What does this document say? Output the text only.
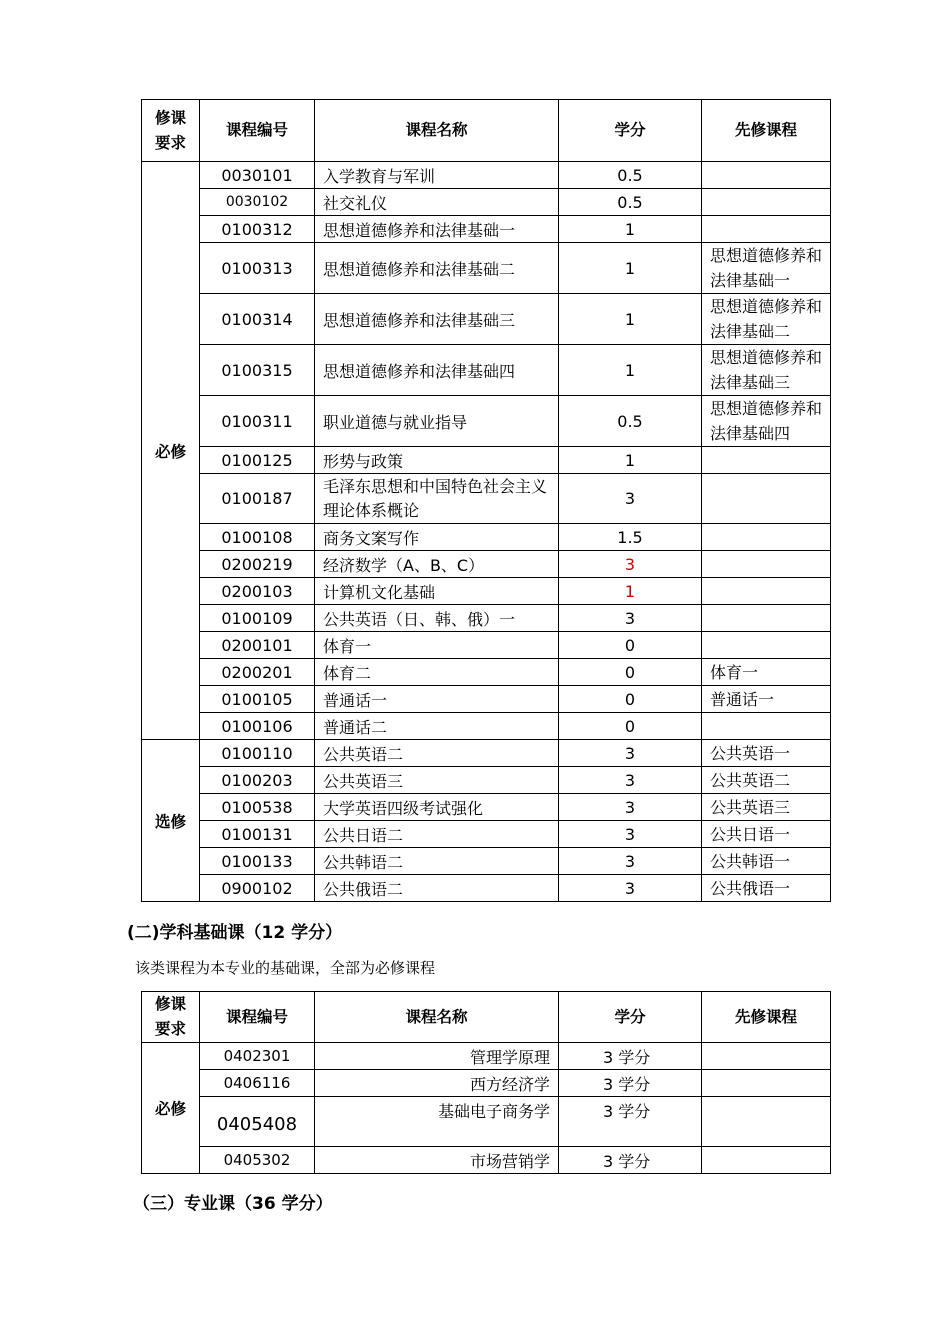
修课
要求	课程编号	课程名称	学分	先修课程
必修	0030101	入学教育与军训	0.5	
	0030102	社交礼仪	0.5	
	0100312	思想道德修养和法律基础一	1	
	0100313	思想道德修养和法律基础二	1	思想道德修养和法律基础一
	0100314	思想道德修养和法律基础三	1	思想道德修养和法律基础二
	0100315	思想道德修养和法律基础四	1	思想道德修养和法律基础三
	0100311	职业道德与就业指导	0.5	思想道德修养和法律基础四
	0100125	形势与政策	1	
	0100187	毛泽东思想和中国特色社会主义理论体系概论	3	
	0100108	商务文案写作	1.5	
	0200219	经济数学（A、B、C）	3	
	0200103	计算机文化基础	1	
	0100109	公共英语（日、韩、俄）一	3	
	0200101	体育一	0	
	0200201	体育二	0	体育一
	0100105	普通话一	0	普通话一
	0100106	普通话二	0	
选修	0100110	公共英语二	3	公共英语一
	0100203	公共英语三	3	公共英语二
	0100538	大学英语四级考试强化	3	公共英语三
	0100131	公共日语二	3	公共日语一
	0100133	公共韩语二	3	公共韩语一
	0900102	公共俄语二	3	公共俄语一
(二)学科基础课（12 学分）
该类课程为本专业的基础课，全部为必修课程
修课
要求	课程编号	课程名称	学分	先修课程
必修	0402301	管理学原理	3 学分	
	0406116	西方经济学	3 学分	
	0405408	基础电子商务学	3 学分	
	0405302	市场营销学	3 学分	
（三）专业课（36 学分）
